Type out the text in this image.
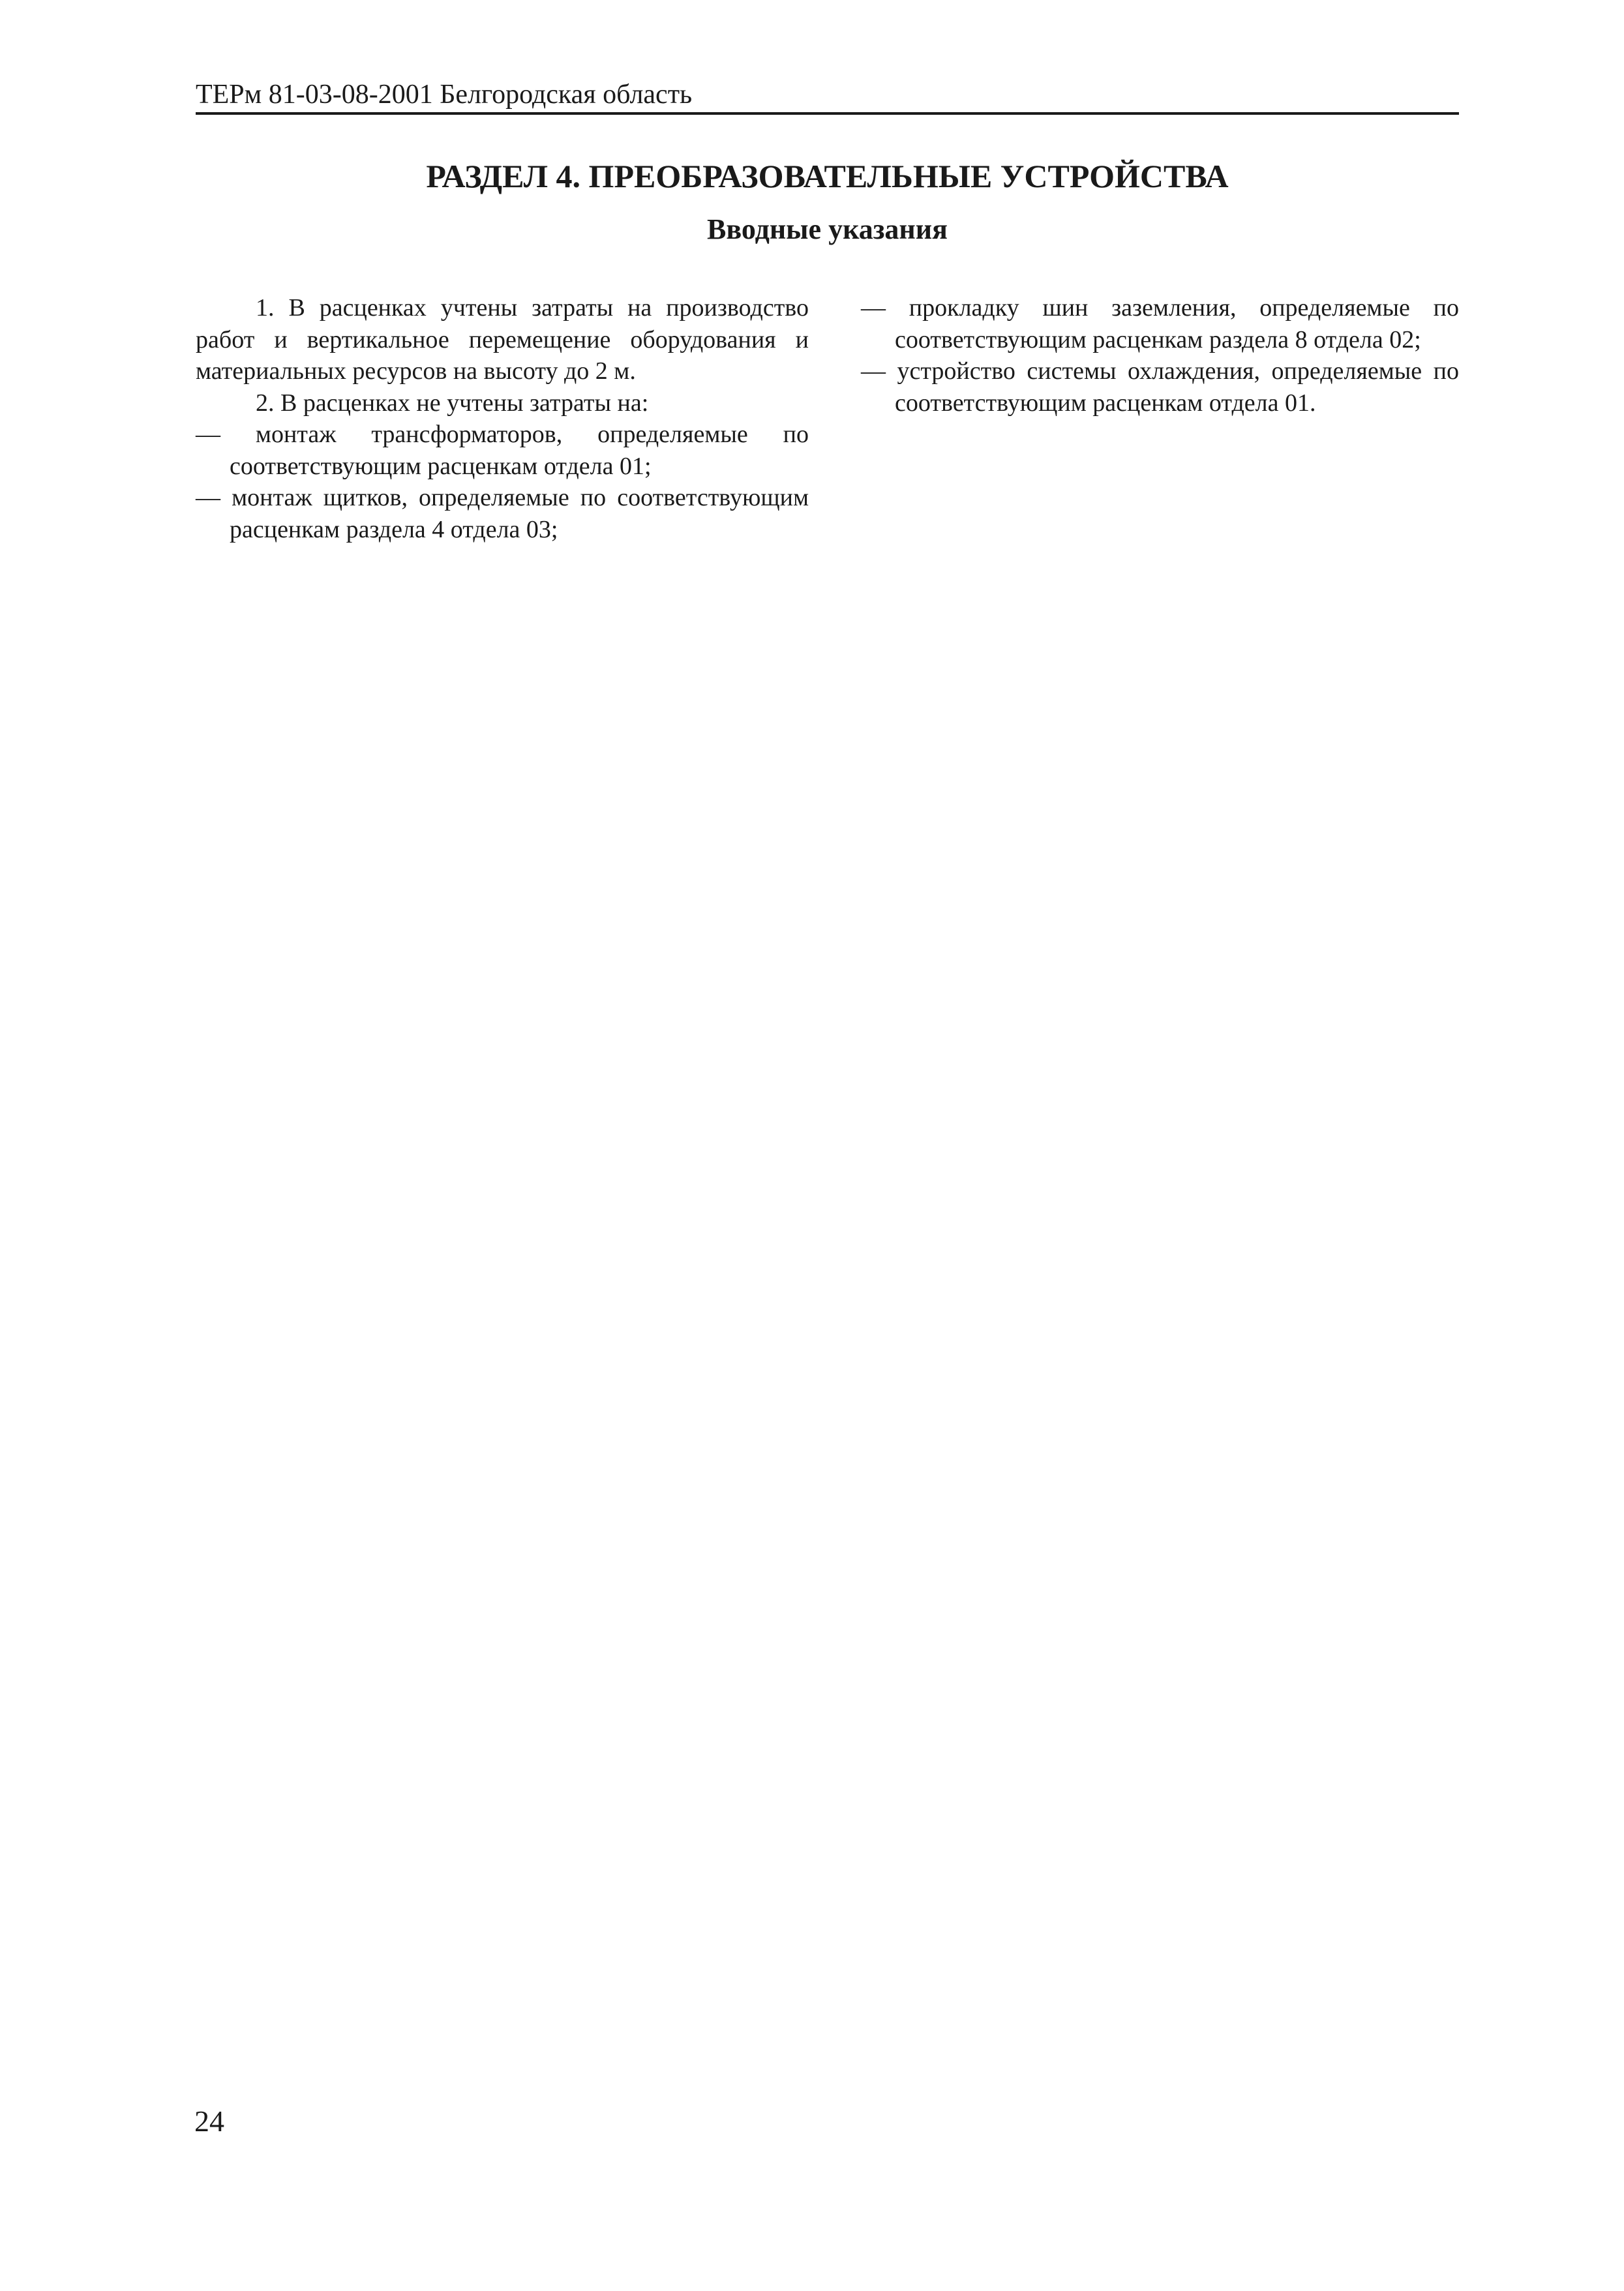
ТЕРм 81-03-08-2001 Белгородская область
РАЗДЕЛ 4. ПРЕОБРАЗОВАТЕЛЬНЫЕ УСТРОЙСТВА
Вводные указания

1. В расценках учтены затраты на производство работ и вертикальное перемещение оборудования и материальных ресурсов на высоту до 2 м.

2. В расценках не учтены затраты на:

— монтаж трансформаторов, определяемые по соответствующим расценкам отдела 01;

— монтаж щитков, определяемые по соответствующим расценкам раздела 4 отдела 03;

— прокладку шин заземления, определяемые по соответствующим расценкам раздела 8 отдела 02;

— устройство системы охлаждения, определяемые по соответствующим расценкам отдела 01.

24
